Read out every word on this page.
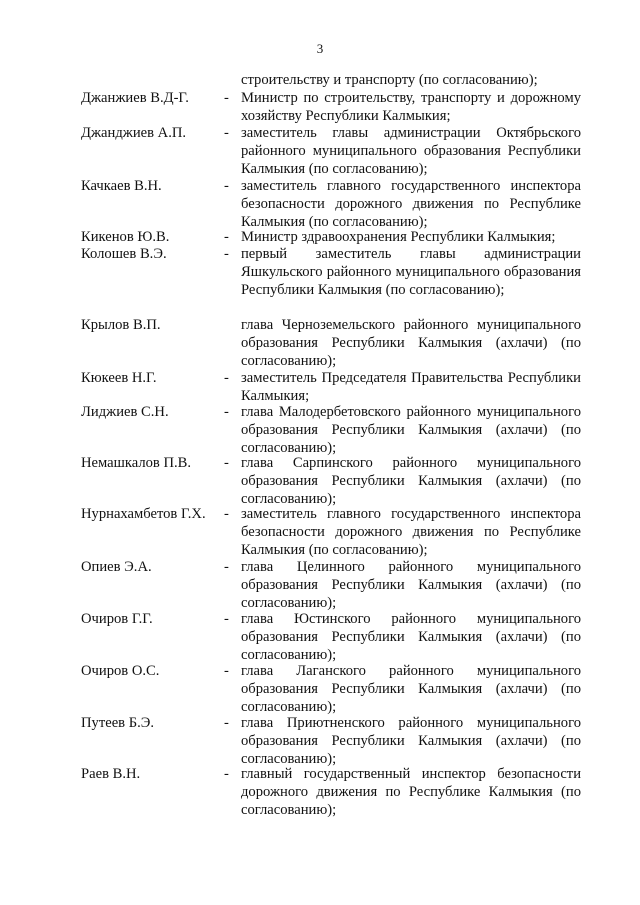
3
строительству и транспорту (по согласованию);
Джанжиев В.Д-Г. - Министр по строительству, транспорту и дорожному хозяйству Республики Калмыкия;
Джанджиев А.П.	- заместитель главы администрации Октябрьского районного муниципального образования Республики Калмыкия (по согласованию);
Качкаев В.Н.	- заместитель главного государственного инспектора безопасности дорожного движения по Республике Калмыкия (по согласованию);
Кикенов Ю.В.	- Министр здравоохранения Республики Калмыкия;
Колошев В.Э.	- первый заместитель главы администрации Яшкульского районного муниципального образования Республики Калмыкия (по согласованию);
Крылов В.П.	глава Черноземельского районного муниципального образования Республики Калмыкия (ахлачи) (по согласованию);
Кюкеев Н.Г.	- заместитель Председателя Правительства Республики Калмыкия;
Лиджиев С.Н.	- глава Малодербетовского районного муниципального образования Республики Калмыкия (ахлачи) (по согласованию);
Немашкалов П.В. - глава Сарпинского районного муниципального образования Республики Калмыкия (ахлачи) (по согласованию);
Нурнахамбетов Г.Х. - заместитель главного государственного инспектора безопасности дорожного движения по Республике Калмыкия (по согласованию);
Опиев Э.А.	- глава Целинного районного муниципального образования Республики Калмыкия (ахлачи) (по согласованию);
Очиров Г.Г.	- глава Юстинского районного муниципального образования Республики Калмыкия (ахлачи) (по согласованию);
Очиров О.С.	- глава Лаганского районного муниципального образования Республики Калмыкия (ахлачи) (по согласованию);
Путеев Б.Э.	- глава Приютненского районного муниципального образования Республики Калмыкия (ахлачи) (по согласованию);
Раев В.Н.	- главный государственный инспектор безопасности дорожного движения по Республике Калмыкия (по согласованию);
